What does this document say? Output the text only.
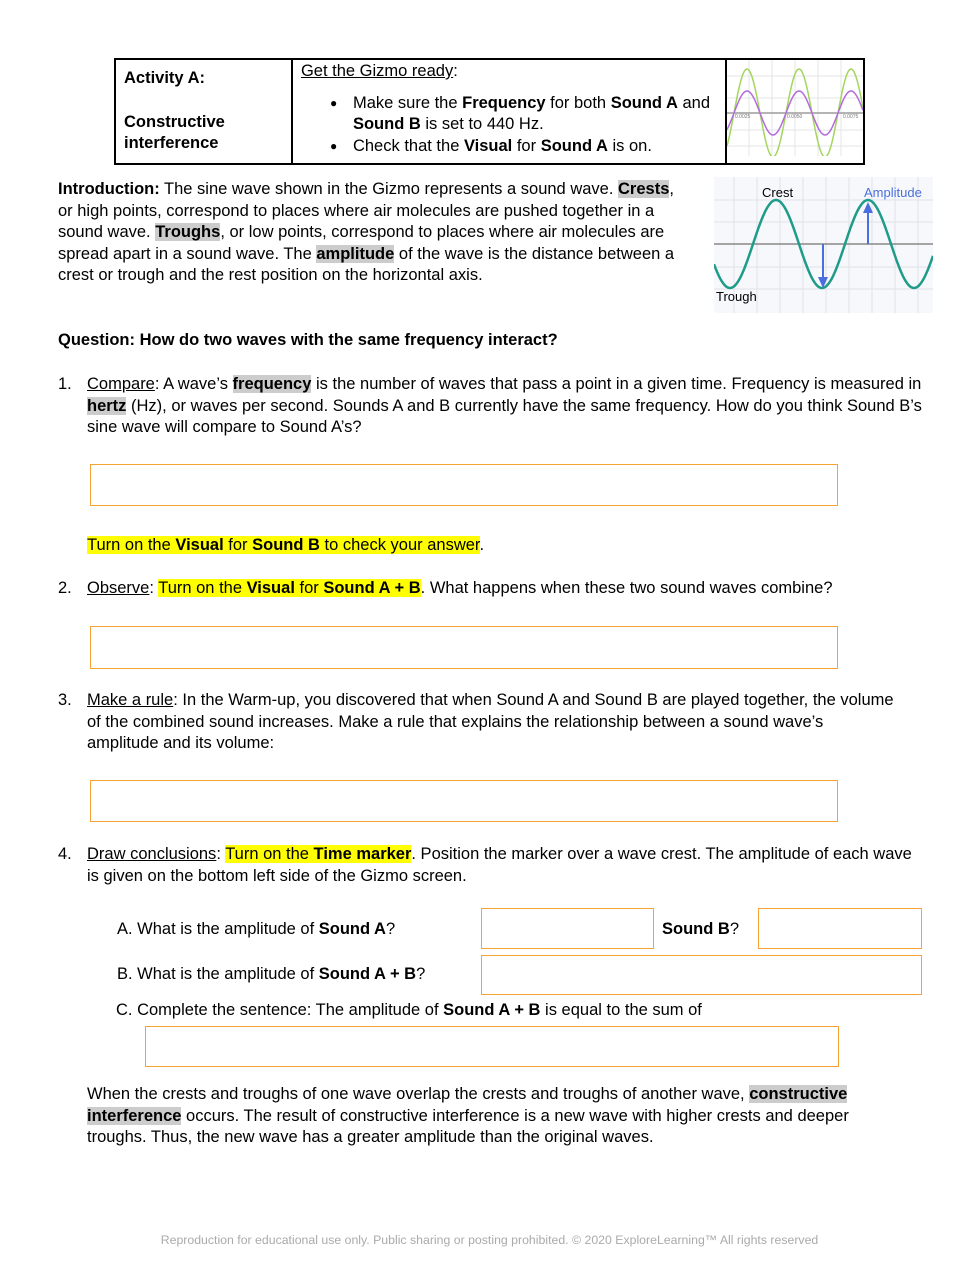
Activity A:
Constructive interference

Get the Gizmo ready:
● Make sure the Frequency for both Sound A and Sound B is set to 440 Hz.
● Check that the Visual for Sound A is on.

0.0025	0.0050	0.0075
Introduction: The sine wave shown in the Gizmo represents a sound wave. Crests, or high points, correspond to places where air molecules are pushed together in a sound wave. Troughs, or low points, correspond to places where air molecules are spread apart in a sound wave. The amplitude of the wave is the distance between a crest or trough and the rest position on the horizontal axis.
Crest	Amplitude
Trough
Question: How do two waves with the same frequency interact?
1. Compare: A wave’s frequency is the number of waves that pass a point in a given time. Frequency is measured in hertz (Hz), or waves per second. Sounds A and B currently have the same frequency. How do you think Sound B’s sine wave will compare to Sound A’s?
Turn on the Visual for Sound B to check your answer.
2. Observe: Turn on the Visual for Sound A + B. What happens when these two sound waves combine?
3. Make a rule: In the Warm-up, you discovered that when Sound A and Sound B are played together, the volume of the combined sound increases. Make a rule that explains the relationship between a sound wave’s amplitude and its volume:
4. Draw conclusions: Turn on the Time marker. Position the marker over a wave crest. The amplitude of each wave is given on the bottom left side of the Gizmo screen.
A. What is the amplitude of Sound A?	Sound B?
B. What is the amplitude of Sound A + B?
C. Complete the sentence: The amplitude of Sound A + B is equal to the sum of
When the crests and troughs of one wave overlap the crests and troughs of another wave, constructive interference occurs. The result of constructive interference is a new wave with higher crests and deeper troughs. Thus, the new wave has a greater amplitude than the original waves.
Reproduction for educational use only. Public sharing or posting prohibited. © 2020 ExploreLearning™ All rights reserved
